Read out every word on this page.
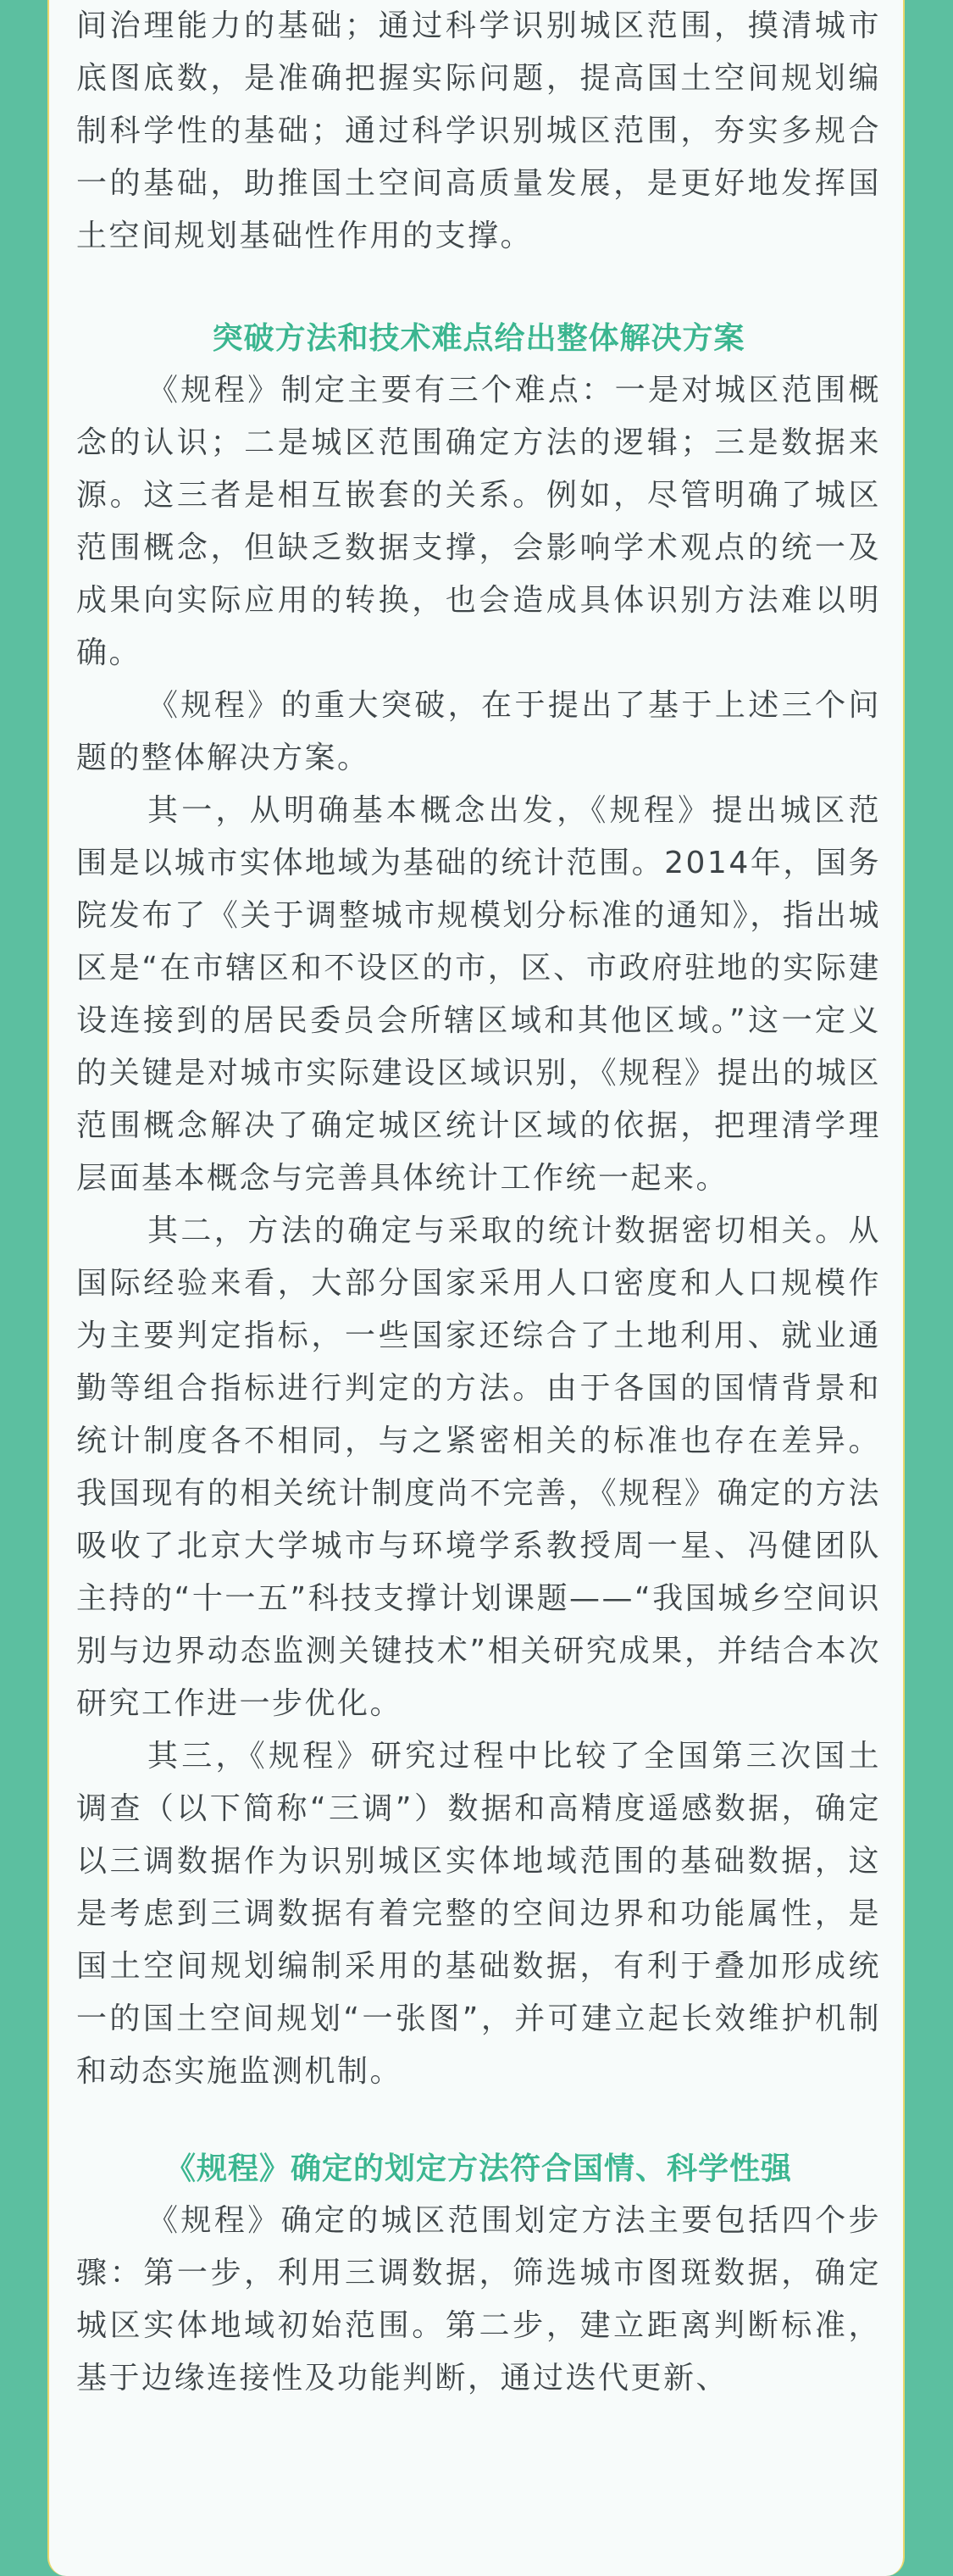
间治理能力的基础；通过科学识别城区范围，摸清城市底图底数，是准确把握实际问题，提高国土空间规划编制科学性的基础；通过科学识别城区范围，夯实多规合一的基础，助推国土空间高质量发展，是更好地发挥国土空间规划基础性作用的支撑。

突破方法和技术难点给出整体解决方案

《规程》制定主要有三个难点：一是对城区范围概念的认识；二是城区范围确定方法的逻辑；三是数据来源。这三者是相互嵌套的关系。例如，尽管明确了城区范围概念，但缺乏数据支撑，会影响学术观点的统一及成果向实际应用的转换，也会造成具体识别方法难以明确。

《规程》的重大突破，在于提出了基于上述三个问题的整体解决方案。

其一，从明确基本概念出发，《规程》提出城区范围是以城市实体地域为基础的统计范围。2014年，国务院发布了《关于调整城市规模划分标准的通知》，指出城区是“在市辖区和不设区的市，区、市政府驻地的实际建设连接到的居民委员会所辖区域和其他区域。”这一定义的关键是对城市实际建设区域识别，《规程》提出的城区范围概念解决了确定城区统计区域的依据，把理清学理层面基本概念与完善具体统计工作统一起来。

其二，方法的确定与采取的统计数据密切相关。从国际经验来看，大部分国家采用人口密度和人口规模作为主要判定指标，一些国家还综合了土地利用、就业通勤等组合指标进行判定的方法。由于各国的国情背景和统计制度各不相同，与之紧密相关的标准也存在差异。我国现有的相关统计制度尚不完善，《规程》确定的方法吸收了北京大学城市与环境学系教授周一星、冯健团队主持的“十一五”科技支撑计划课题——“我国城乡空间识别与边界动态监测关键技术”相关研究成果，并结合本次研究工作进一步优化。

其三，《规程》研究过程中比较了全国第三次国土调查（以下简称“三调”）数据和高精度遥感数据，确定以三调数据作为识别城区实体地域范围的基础数据，这是考虑到三调数据有着完整的空间边界和功能属性，是国土空间规划编制采用的基础数据，有利于叠加形成统一的国土空间规划“一张图”，并可建立起长效维护机制和动态实施监测机制。

《规程》确定的划定方法符合国情、科学性强

《规程》确定的城区范围划定方法主要包括四个步骤：第一步，利用三调数据，筛选城市图斑数据，确定城区实体地域初始范围。第二步，建立距离判断标准，基于边缘连接性及功能判断，通过迭代更新、
